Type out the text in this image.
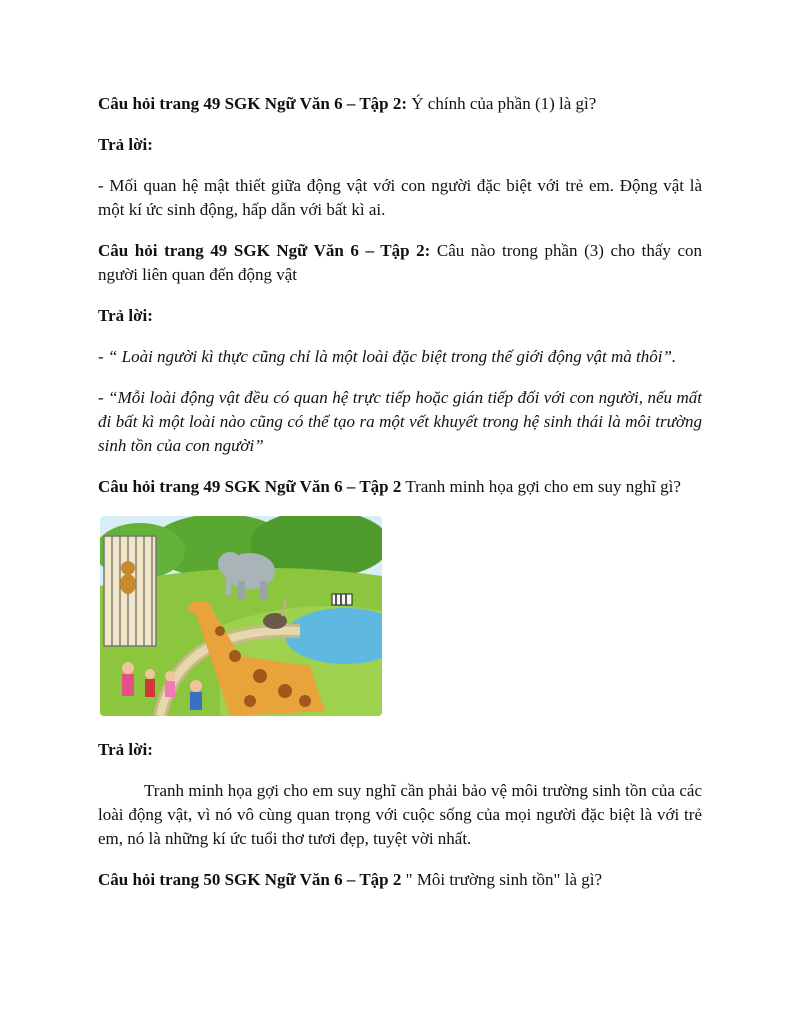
Câu hỏi trang 49 SGK Ngữ Văn 6 – Tập 2: Ý chính của phần (1) là gì?

Trả lời:

- Mối quan hệ mật thiết giữa động vật với con người đặc biệt với trẻ em. Động vật là một kí ức sinh động, hấp dẫn với bất kì ai.

Câu hỏi trang 49 SGK Ngữ Văn 6 – Tập 2: Câu nào trong phần (3) cho thấy con người liên quan đến động vật

Trả lời:

- “ Loài người kì thực cũng chỉ là một loài đặc biệt trong thế giới động vật mà thôi”.

- “Mỗi loài động vật đều có quan hệ trực tiếp hoặc gián tiếp đối với con người, nếu mất đi bất kì một loài nào cũng có thể tạo ra một vết khuyết trong hệ sinh thái là môi trường sinh tồn của con người”

Câu hỏi trang 49 SGK Ngữ Văn 6 – Tập 2 Tranh minh họa gợi cho em suy nghĩ gì?

Trả lời:

Tranh minh họa gợi cho em suy nghĩ cần phải bảo vệ môi trường sinh tồn của các loài động vật, vì nó vô cùng quan trọng với cuộc sống của mọi người đặc biệt là với trẻ em, nó là những kí ức tuổi thơ tươi đẹp, tuyệt vời nhất.

Câu hỏi trang 50 SGK Ngữ Văn 6 – Tập 2 " Môi trường sinh tồn" là gì?
